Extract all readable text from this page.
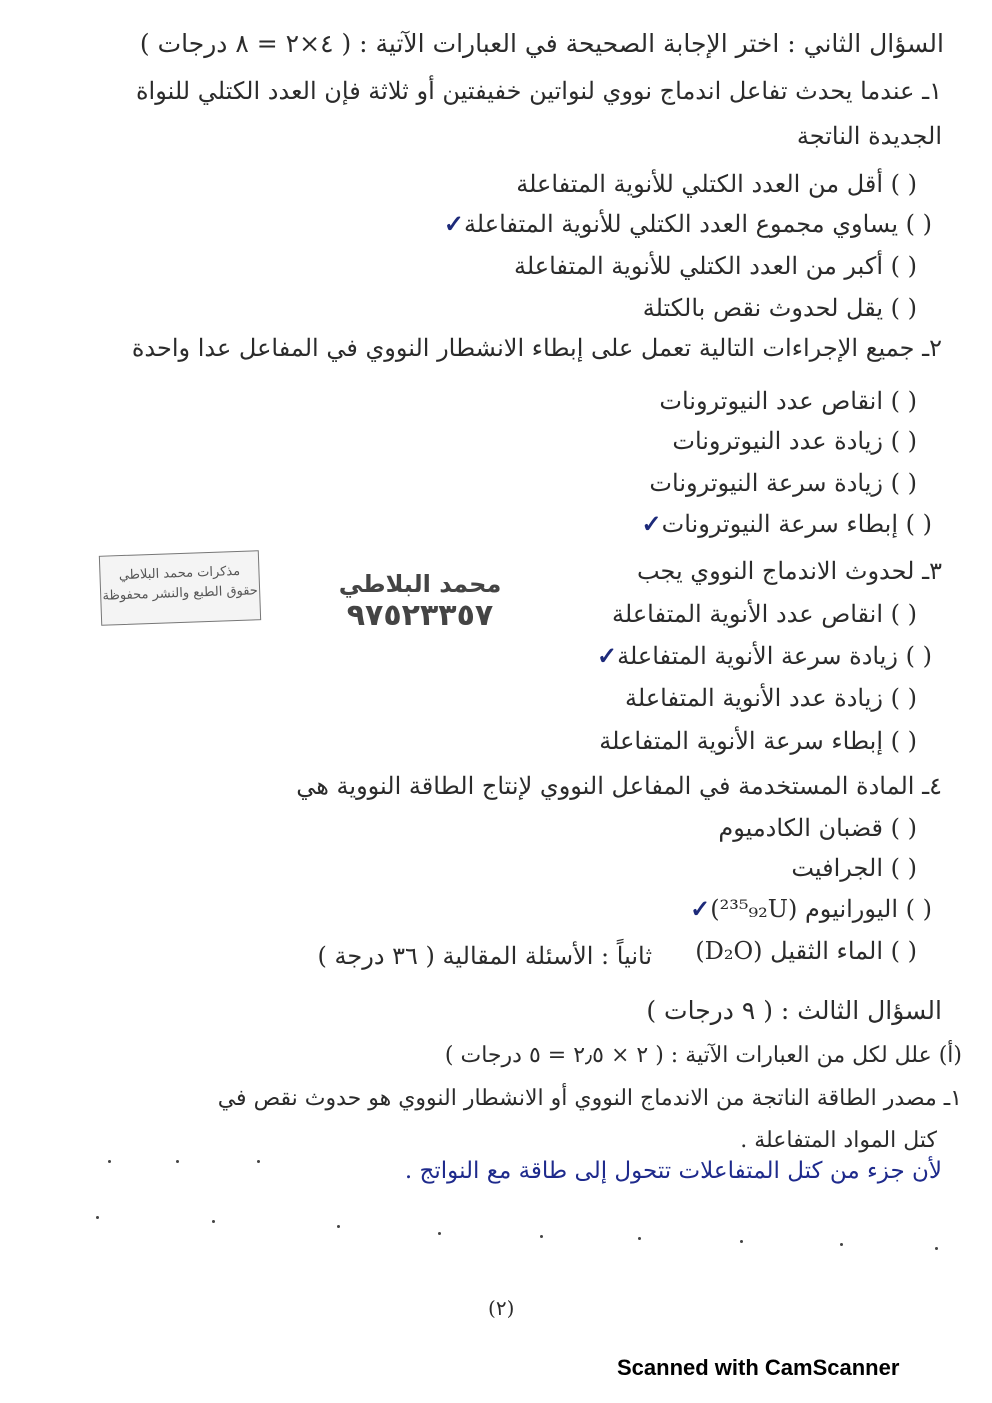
السؤال الثاني : اختر الإجابة الصحيحة في العبارات الآتية : ( ٤×٢ = ٨ درجات )
١ـ عندما يحدث تفاعل اندماج نووي لنواتين خفيفتين أو ثلاثة فإن العدد الكتلي للنواة
الجديدة الناتجة
( ) أقل من العدد الكتلي للأنوية المتفاعلة
( ) يساوي مجموع العدد الكتلي للأنوية المتفاعلة✓
( ) أكبر من العدد الكتلي للأنوية المتفاعلة
( ) يقل لحدوث نقص بالكتلة
٢ـ جميع الإجراءات التالية تعمل على إبطاء الانشطار النووي في المفاعل عدا واحدة
( ) انقاص عدد النيوترونات
( ) زيادة عدد النيوترونات
( ) زيادة سرعة النيوترونات
( ) إبطاء سرعة النيوترونات✓
مذكرات محمد البلاطي
حقوق الطبع والنشر محفوظة	محمد البلاطي
٩٧٥٢٣٣٥٧
٣ـ لحدوث الاندماج النووي يجب
( ) انقاص عدد الأنوية المتفاعلة
( ) زيادة سرعة الأنوية المتفاعلة✓
( ) زيادة عدد الأنوية المتفاعلة
( ) إبطاء سرعة الأنوية المتفاعلة
٤ـ المادة المستخدمة في المفاعل النووي لإنتاج الطاقة النووية هي
( ) قضبان الكادميوم
( ) الجرافيت
( ) اليورانيوم (²³⁵₉₂U)✓
( ) الماء الثقيل (D₂O)
ثانياً : الأسئلة المقالية ( ٣٦ درجة )
السؤال الثالث : ( ٩ درجات )
(أ) علل لكل من العبارات الآتية : ( ٢ × ٢٫٥ = ٥ درجات )
١ـ مصدر الطاقة الناتجة من الاندماج النووي أو الانشطار النووي هو حدوث نقص في
كتل المواد المتفاعلة .
لأن جزء من كتل المتفاعلات تتحول إلى طاقة مع النواتج .
(٢)
Scanned with CamScanner
